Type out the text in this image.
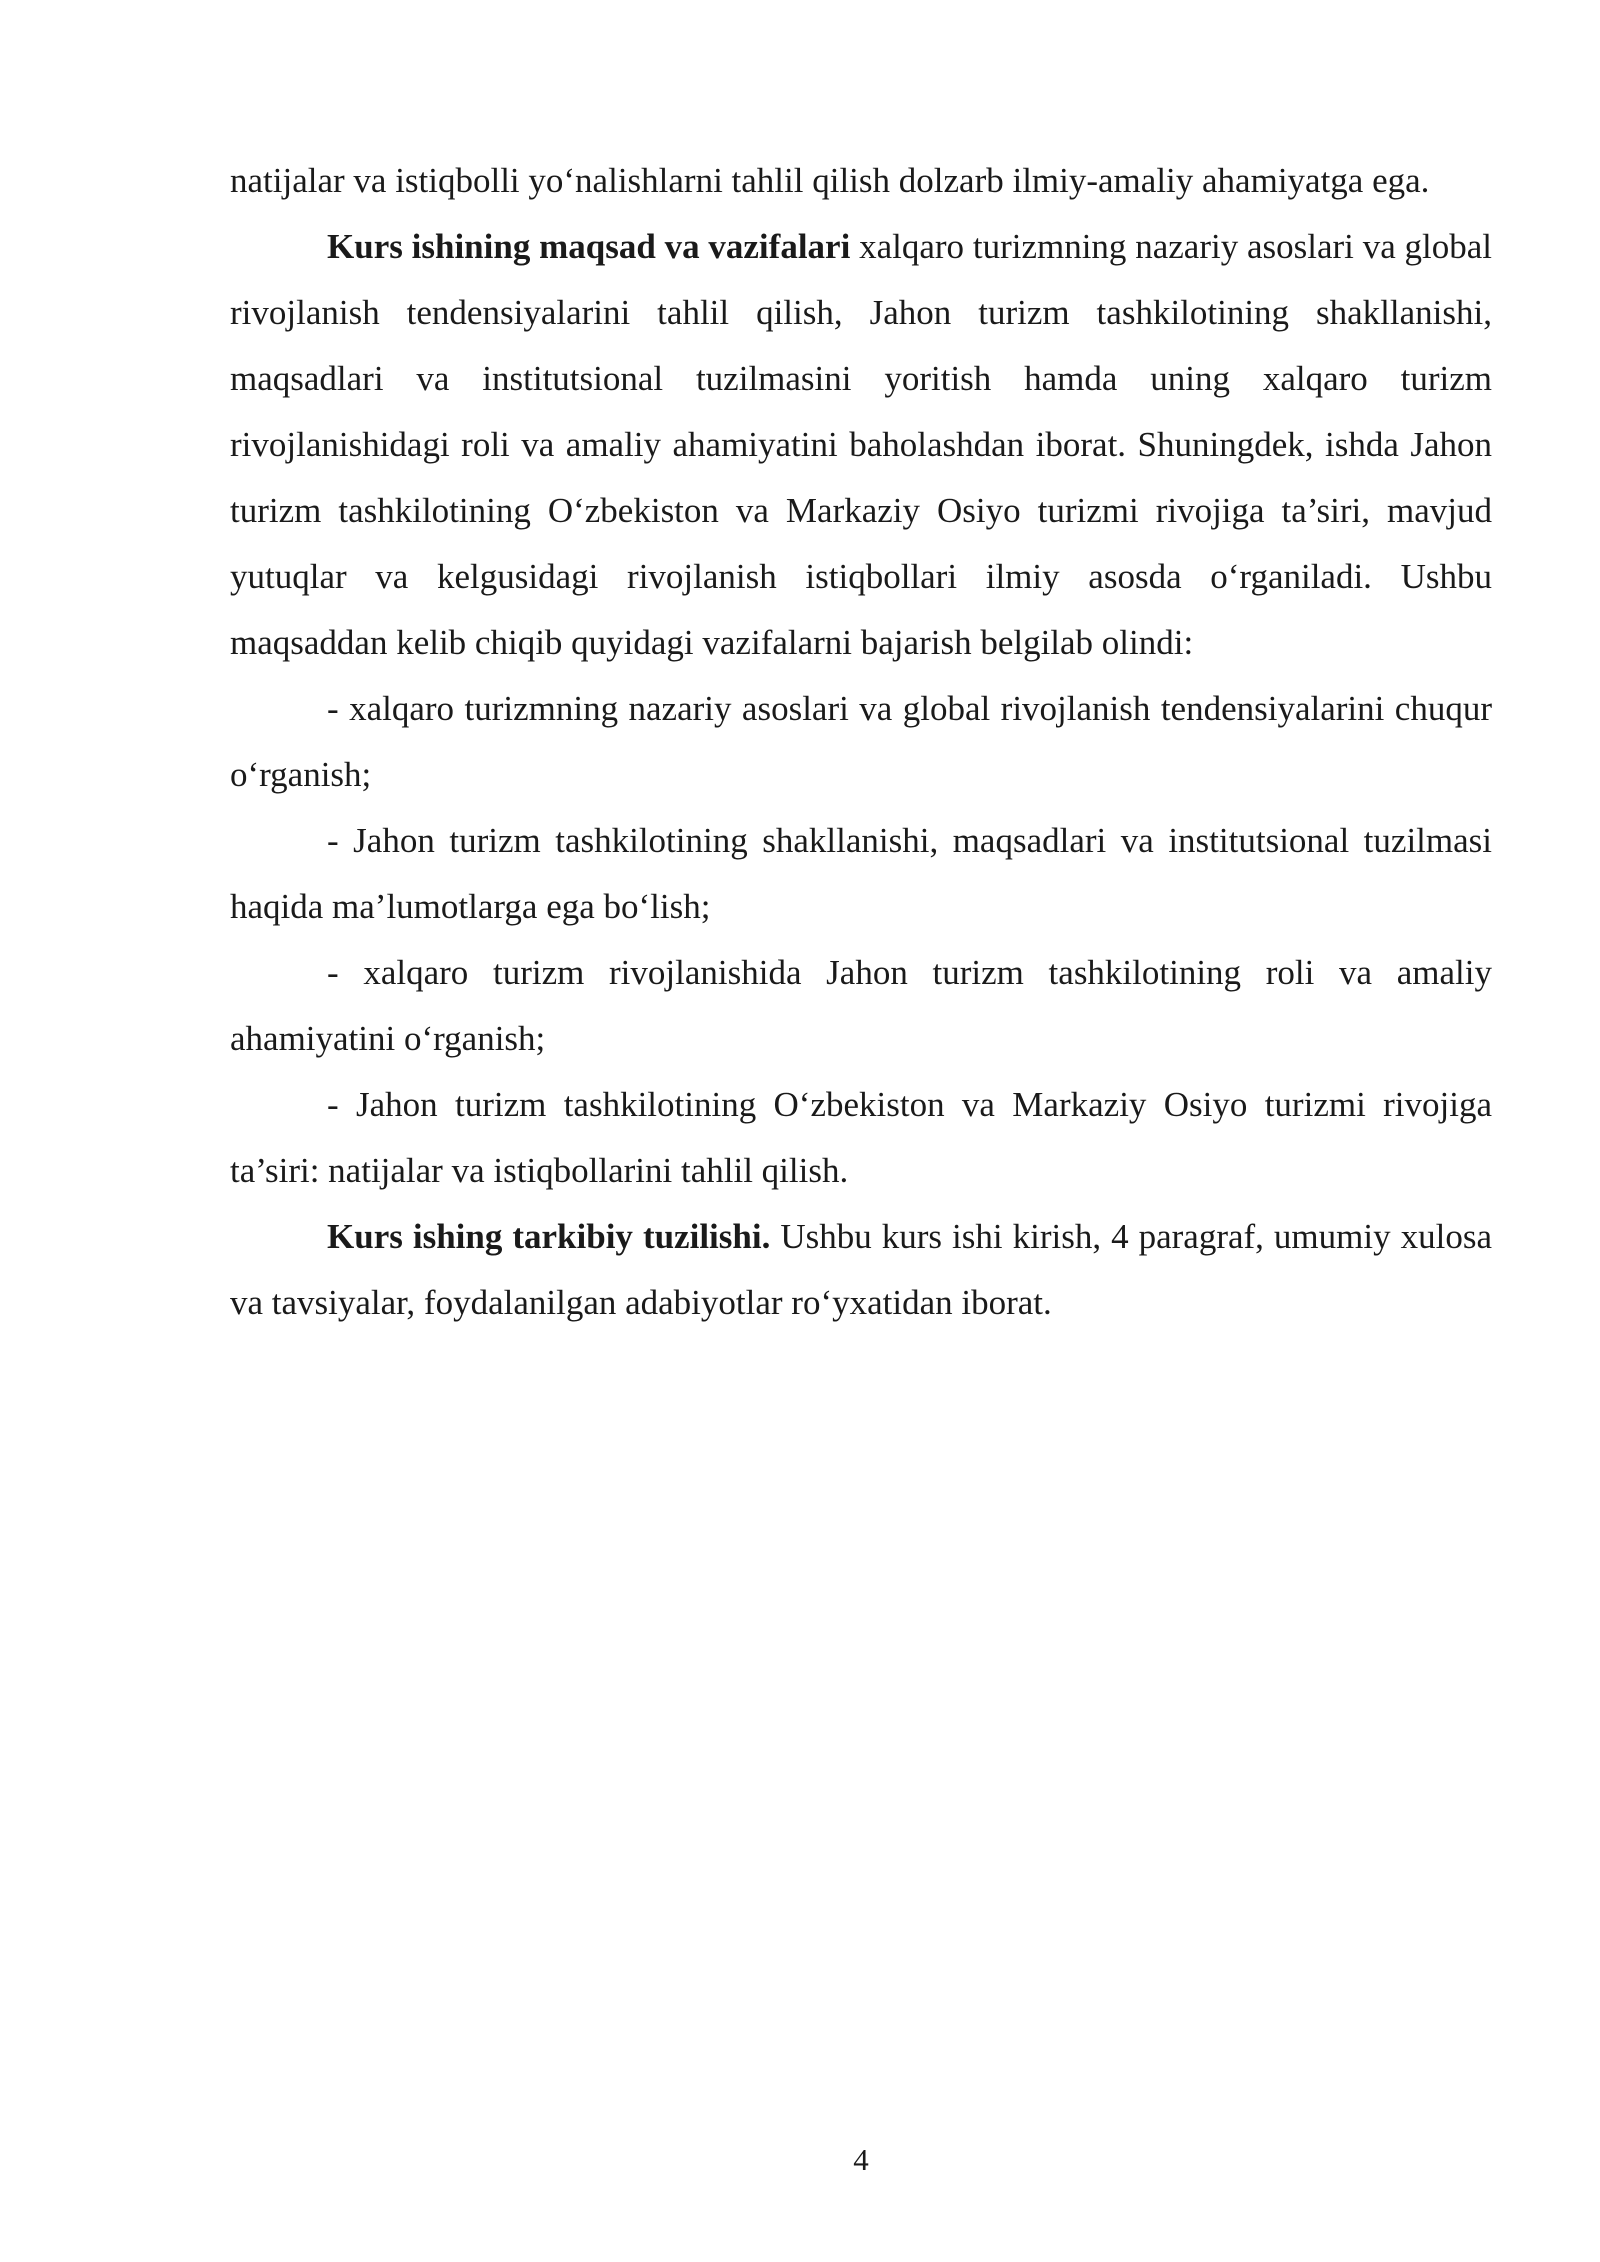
natijalar va istiqbolli yo‘nalishlarni tahlil qilish dolzarb ilmiy-amaliy ahamiyatga ega.

Kurs ishining maqsad va vazifalari xalqaro turizmning nazariy asoslari va global rivojlanish tendensiyalarini tahlil qilish, Jahon turizm tashkilotining shakllanishi, maqsadlari va institutsional tuzilmasini yoritish hamda uning xalqaro turizm rivojlanishidagi roli va amaliy ahamiyatini baholashdan iborat. Shuningdek, ishda Jahon turizm tashkilotining O‘zbekiston va Markaziy Osiyo turizmi rivojiga ta’siri, mavjud yutuqlar va kelgusidagi rivojlanish istiqbollari ilmiy asosda o‘rganiladi. Ushbu maqsaddan kelib chiqib quyidagi vazifalarni bajarish belgilab olindi:

- xalqaro turizmning nazariy asoslari va global rivojlanish tendensiyalarini chuqur o‘rganish;

- Jahon turizm tashkilotining shakllanishi, maqsadlari va institutsional tuzilmasi haqida ma’lumotlarga ega bo‘lish;

- xalqaro turizm rivojlanishida Jahon turizm tashkilotining roli va amaliy ahamiyatini o‘rganish;

- Jahon turizm tashkilotining O‘zbekiston va Markaziy Osiyo turizmi rivojiga ta’siri: natijalar va istiqbollarini tahlil qilish.

Kurs ishing tarkibiy tuzilishi. Ushbu kurs ishi kirish, 4 paragraf, umumiy xulosa va tavsiyalar, foydalanilgan adabiyotlar ro‘yxatidan iborat.

4
